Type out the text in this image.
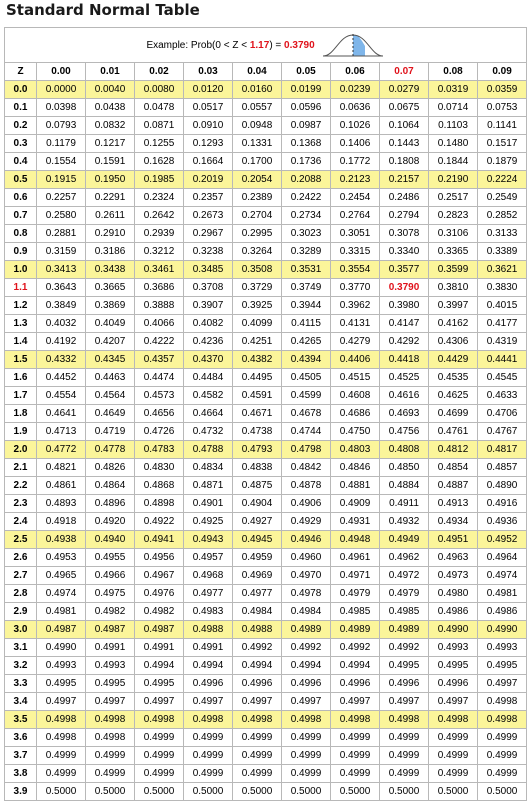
Standard Normal Table
Example: Prob(0 < Z < 1.17) = 0.3790										

Z	0.00	0.01	0.02	0.03	0.04	0.05	0.06	0.07	0.08	0.09
0.0	0.0000	0.0040	0.0080	0.0120	0.0160	0.0199	0.0239	0.0279	0.0319	0.0359
0.1	0.0398	0.0438	0.0478	0.0517	0.0557	0.0596	0.0636	0.0675	0.0714	0.0753
0.2	0.0793	0.0832	0.0871	0.0910	0.0948	0.0987	0.1026	0.1064	0.1103	0.1141
0.3	0.1179	0.1217	0.1255	0.1293	0.1331	0.1368	0.1406	0.1443	0.1480	0.1517
0.4	0.1554	0.1591	0.1628	0.1664	0.1700	0.1736	0.1772	0.1808	0.1844	0.1879
0.5	0.1915	0.1950	0.1985	0.2019	0.2054	0.2088	0.2123	0.2157	0.2190	0.2224
0.6	0.2257	0.2291	0.2324	0.2357	0.2389	0.2422	0.2454	0.2486	0.2517	0.2549
0.7	0.2580	0.2611	0.2642	0.2673	0.2704	0.2734	0.2764	0.2794	0.2823	0.2852
0.8	0.2881	0.2910	0.2939	0.2967	0.2995	0.3023	0.3051	0.3078	0.3106	0.3133
0.9	0.3159	0.3186	0.3212	0.3238	0.3264	0.3289	0.3315	0.3340	0.3365	0.3389
1.0	0.3413	0.3438	0.3461	0.3485	0.3508	0.3531	0.3554	0.3577	0.3599	0.3621
1.1	0.3643	0.3665	0.3686	0.3708	0.3729	0.3749	0.3770	0.3790	0.3810	0.3830
1.2	0.3849	0.3869	0.3888	0.3907	0.3925	0.3944	0.3962	0.3980	0.3997	0.4015
1.3	0.4032	0.4049	0.4066	0.4082	0.4099	0.4115	0.4131	0.4147	0.4162	0.4177
1.4	0.4192	0.4207	0.4222	0.4236	0.4251	0.4265	0.4279	0.4292	0.4306	0.4319
1.5	0.4332	0.4345	0.4357	0.4370	0.4382	0.4394	0.4406	0.4418	0.4429	0.4441
1.6	0.4452	0.4463	0.4474	0.4484	0.4495	0.4505	0.4515	0.4525	0.4535	0.4545
1.7	0.4554	0.4564	0.4573	0.4582	0.4591	0.4599	0.4608	0.4616	0.4625	0.4633
1.8	0.4641	0.4649	0.4656	0.4664	0.4671	0.4678	0.4686	0.4693	0.4699	0.4706
1.9	0.4713	0.4719	0.4726	0.4732	0.4738	0.4744	0.4750	0.4756	0.4761	0.4767
2.0	0.4772	0.4778	0.4783	0.4788	0.4793	0.4798	0.4803	0.4808	0.4812	0.4817
2.1	0.4821	0.4826	0.4830	0.4834	0.4838	0.4842	0.4846	0.4850	0.4854	0.4857
2.2	0.4861	0.4864	0.4868	0.4871	0.4875	0.4878	0.4881	0.4884	0.4887	0.4890
2.3	0.4893	0.4896	0.4898	0.4901	0.4904	0.4906	0.4909	0.4911	0.4913	0.4916
2.4	0.4918	0.4920	0.4922	0.4925	0.4927	0.4929	0.4931	0.4932	0.4934	0.4936
2.5	0.4938	0.4940	0.4941	0.4943	0.4945	0.4946	0.4948	0.4949	0.4951	0.4952
2.6	0.4953	0.4955	0.4956	0.4957	0.4959	0.4960	0.4961	0.4962	0.4963	0.4964
2.7	0.4965	0.4966	0.4967	0.4968	0.4969	0.4970	0.4971	0.4972	0.4973	0.4974
2.8	0.4974	0.4975	0.4976	0.4977	0.4977	0.4978	0.4979	0.4979	0.4980	0.4981
2.9	0.4981	0.4982	0.4982	0.4983	0.4984	0.4984	0.4985	0.4985	0.4986	0.4986
3.0	0.4987	0.4987	0.4987	0.4988	0.4988	0.4989	0.4989	0.4989	0.4990	0.4990
3.1	0.4990	0.4991	0.4991	0.4991	0.4992	0.4992	0.4992	0.4992	0.4993	0.4993
3.2	0.4993	0.4993	0.4994	0.4994	0.4994	0.4994	0.4994	0.4995	0.4995	0.4995
3.3	0.4995	0.4995	0.4995	0.4996	0.4996	0.4996	0.4996	0.4996	0.4996	0.4997
3.4	0.4997	0.4997	0.4997	0.4997	0.4997	0.4997	0.4997	0.4997	0.4997	0.4998
3.5	0.4998	0.4998	0.4998	0.4998	0.4998	0.4998	0.4998	0.4998	0.4998	0.4998
3.6	0.4998	0.4998	0.4999	0.4999	0.4999	0.4999	0.4999	0.4999	0.4999	0.4999
3.7	0.4999	0.4999	0.4999	0.4999	0.4999	0.4999	0.4999	0.4999	0.4999	0.4999
3.8	0.4999	0.4999	0.4999	0.4999	0.4999	0.4999	0.4999	0.4999	0.4999	0.4999
3.9	0.5000	0.5000	0.5000	0.5000	0.5000	0.5000	0.5000	0.5000	0.5000	0.5000
